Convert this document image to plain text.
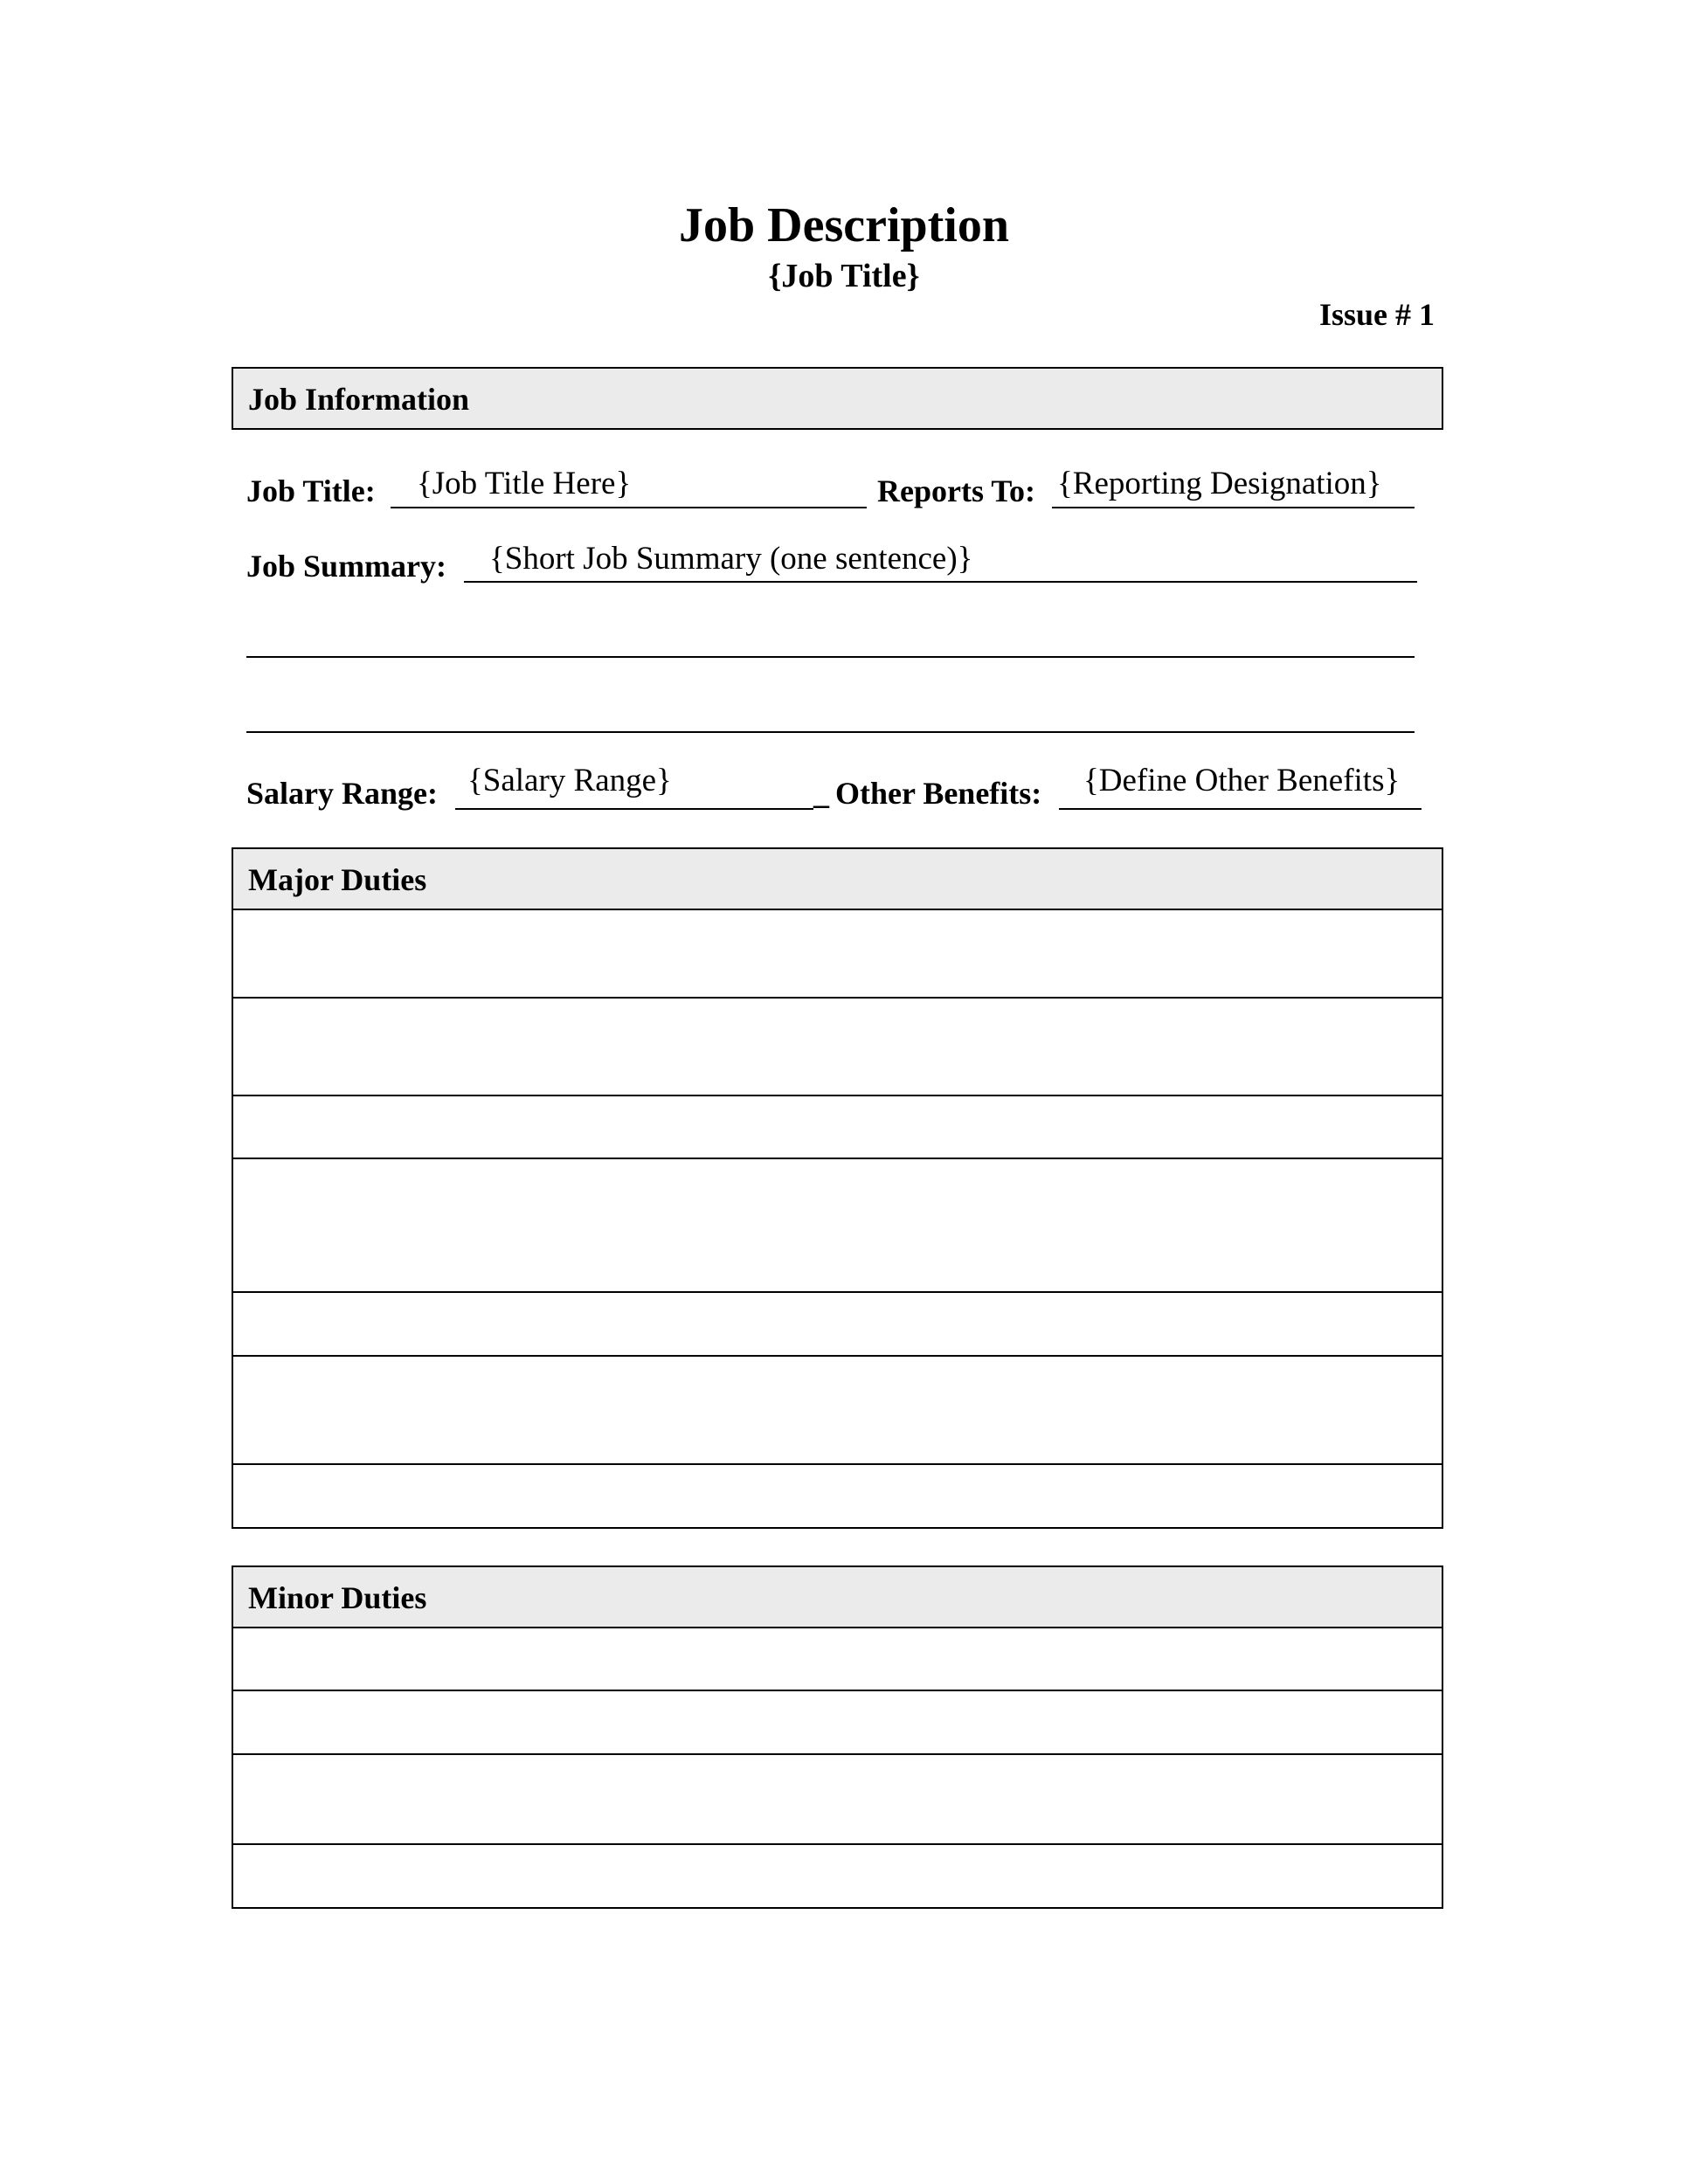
Job Description
{Job Title}
Issue # 1
Job Information
Job Title: {Job Title Here}	Reports To: {Reporting Designation}
Job Summary: {Short Job Summary (one sentence)}
Salary Range: {Salary Range}	_ Other Benefits: {Define Other Benefits}
Major Duties
Minor Duties
